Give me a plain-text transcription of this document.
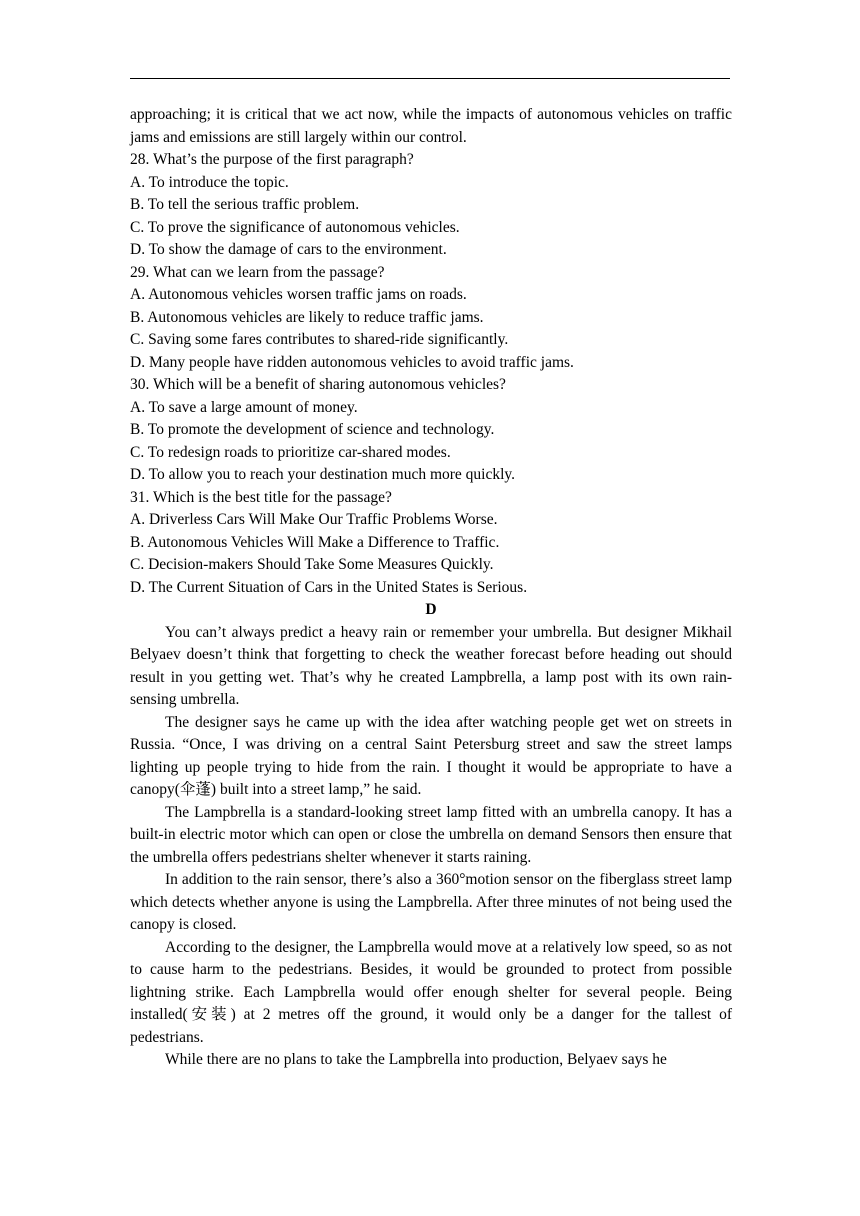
approaching; it is critical that we act now, while the impacts of autonomous vehicles on traffic jams and emissions are still largely within our control.

28. What’s the purpose of the first paragraph?
A. To introduce the topic.
B. To tell the serious traffic problem.
C. To prove the significance of autonomous vehicles.
D. To show the damage of cars to the environment.
29. What can we learn from the passage?
A. Autonomous vehicles worsen traffic jams on roads.
B. Autonomous vehicles are likely to reduce traffic jams.
C. Saving some fares contributes to shared-ride significantly.
D. Many people have ridden autonomous vehicles to avoid traffic jams.
30. Which will be a benefit of sharing autonomous vehicles?
A. To save a large amount of money.
B. To promote the development of science and technology.
C. To redesign roads to prioritize car-shared modes.
D. To allow you to reach your destination much more quickly.
31. Which is the best title for the passage?
A. Driverless Cars Will Make Our Traffic Problems Worse.
B. Autonomous Vehicles Will Make a Difference to Traffic.
C. Decision-makers Should Take Some Measures Quickly.
D. The Current Situation of Cars in the United States is Serious.
D

You can’t always predict a heavy rain or remember your umbrella. But designer Mikhail Belyaev doesn’t think that forgetting to check the weather forecast before heading out should result in you getting wet. That’s why he created Lampbrella, a lamp post with its own rain-sensing umbrella.

The designer says he came up with the idea after watching people get wet on streets in Russia. “Once, I was driving on a central Saint Petersburg street and saw the street lamps lighting up people trying to hide from the rain. I thought it would be appropriate to have a canopy(伞蓬) built into a street lamp,” he said.

The Lampbrella is a standard-looking street lamp fitted with an umbrella canopy. It has a built-in electric motor which can open or close the umbrella on demand Sensors then ensure that the umbrella offers pedestrians shelter whenever it starts raining.

In addition to the rain sensor, there’s also a 360°motion sensor on the fiberglass street lamp which detects whether anyone is using the Lampbrella. After three minutes of not being used the canopy is closed.

According to the designer, the Lampbrella would move at a relatively low speed, so as not to cause harm to the pedestrians. Besides, it would be grounded to protect from possible lightning strike. Each Lampbrella would offer enough shelter for several people. Being installed(安装) at 2 metres off the ground, it would only be a danger for the tallest of pedestrians.

While there are no plans to take the Lampbrella into production, Belyaev says he
